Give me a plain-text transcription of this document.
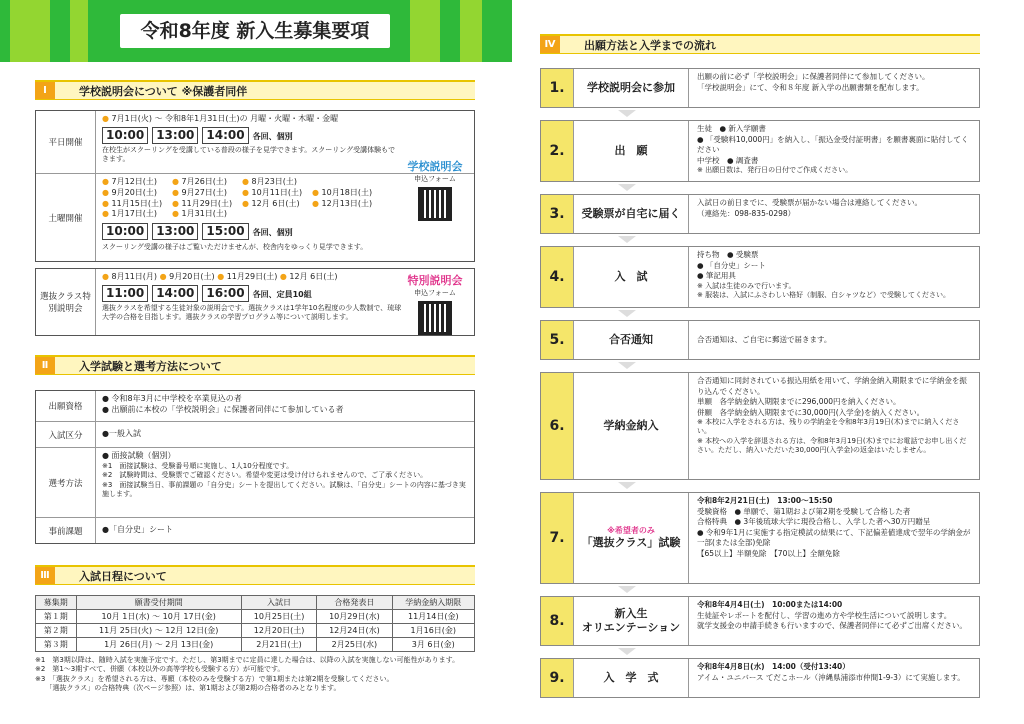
令和8年度 新入生募集要項
Ⅰ	学校説明会について ※保護者同伴
平日開催
● 7月1日(火) ～ 令和8年1月31日(土)の 月曜・火曜・木曜・金曜
10:00 13:00 14:00 各回、個別
在校生がスクーリングを受講している普段の様子を見学できます。スクーリング受講体験もできます。
土曜開催
● 7月12日(土)	● 7月26日(土)	● 8月23日(土)
● 9月20日(土)	● 9月27日(土)	● 10月11日(土)	● 10月18日(土)
● 11月15日(土)	● 11月29日(土)	● 12月 6日(土)	● 12月13日(土)
● 1月17日(土)	● 1月31日(土)
10:00 13:00 15:00 各回、個別
スクーリング受講の様子はご覧いただけませんが、校舎内をゆっくり見学できます。
学校説明会
申込フォーム
選抜クラス特別説明会
● 8月11日(月) ● 9月20日(土) ● 11月29日(土) ● 12月 6日(土)
11:00 14:00 16:00 各回、定員10組
選抜クラスを希望する生徒対象の説明会です。選抜クラスは1学年10名程度の少人数制で、琉球大学の合格を目指します。選抜クラスの学習プログラム等について説明します。
特別説明会
申込フォーム
Ⅱ	入学試験と選考方法について
出願資格
● 令和8年3月に中学校を卒業見込の者
● 出願前に本校の「学校説明会」に保護者同伴にて参加している者
入試区分	● 一般入試
選考方法
● 面接試験（個別）
※1　面接試験は、受験番号順に実施し、1人10分程度です。
※2　試験時間は、受験票でご確認ください。希望や変更は受け付けられませんので、ご了承ください。
※3　面接試験当日、事前課題の「自分史」シートを提出してください。試験は、「自分史」シートの内容に基づき実施します。
事前課題	● 「自分史」シート
Ⅲ	入試日程について
募集期	願書受付期間	入試日	合格発表日	学納金納入期限
第１期	10月 1日(水) ～ 10月 17日(金)	10月25日(土)	10月29日(水)	11月14日(金)
第２期	11月 25日(火) ～ 12月 12日(金)	12月20日(土)	12月24日(水)	1月16日(金)
第３期	1月 26日(月) ～ 2月 13日(金)	2月21日(土)	2月25日(水)	3月 6日(金)
※1　第3期以降は、随時入試を実施予定です。ただし、第3期までに定員に達した場合は、以降の入試を実施しない可能性があります。
※2　第1～3期すべて、併願（本校以外の高等学校も受験する方）が可能です。
※3　「選抜クラス」を希望される方は、専願（本校のみを受験する方）で第1期または第2期を受験してください。
　　「選抜クラス」の合格特典（次ページ参照）は、第1期および第2期の合格者のみとなります。
Ⅳ	出願方法と入学までの流れ
1.	学校説明会に参加
出願の前に必ず「学校説明会」に保護者同伴にて参加してください。
「学校説明会」にて、令和８年度 新入学の出願書類を配布します。
2.	出　願
生徒　● 新入学願書
● 「受験料10,000円」を納入し、「振込金受付証明書」を願書裏面に貼付してください
中学校　● 調査書
※ 出願日数は、発行日の日付でご作成ください。
3.	受験票が自宅に届く
入試日の前日までに、受験票が届かない場合は連絡してください。
（連絡先：098-835-0298）
4.	入　試
持ち物　● 受験票
● 「自分史」シート
● 筆記用具
※ 入試は生徒のみで行います。
※ 服装は、入試にふさわしい格好（制服、白シャツなど）で受験してください。
5.	合否通知	合否通知は、ご自宅に郵送で届きます。
6.	学納金納入
合否通知に同封されている振込用紙を用いて、学納金納入期限までに学納金を振り込んでください。
単願　各学納金納入期限までに296,000円を納入ください。
併願　各学納金納入期限までに30,000円(入学金)を納入ください。
※ 本校に入学をされる方は、残りの学納金を令和8年3月19日(木)までに納入ください。
※ 本校への入学を辞退される方は、令和8年3月19日(木)までにお電話でお申し出ください。ただし、納入いただいた30,000円(入学金)の返金はいたしません。
7.	※希望者のみ
「選抜クラス」試験
令和8年2月21日(土)　13:00～15:50
受験資格　● 単願で、第1期および第2期を受験して合格した者
合格特典　● 3年後琉球大学に現役合格し、入学した者へ30万円贈呈
● 令和9年1月に実施する指定模試の結果にて、下記偏差値達成で翌年の学納金が一部(または全部)免除
【65以上】半額免除　【70以上】全額免除
8.	新入生
オリエンテーション
令和8年4月4日(土)　10:00または14:00
生徒証やレポートを配付し、学習の進め方や学校生活について説明します。
就学支援金の申請手続きも行いますので、保護者同伴にて必ずご出席ください。
9.	入　学　式
令和8年4月8日(水)　14:00（受付13:40）
アイム・ユニバース てだこホール（沖縄県浦添市仲間1-9-3）にて実施します。
